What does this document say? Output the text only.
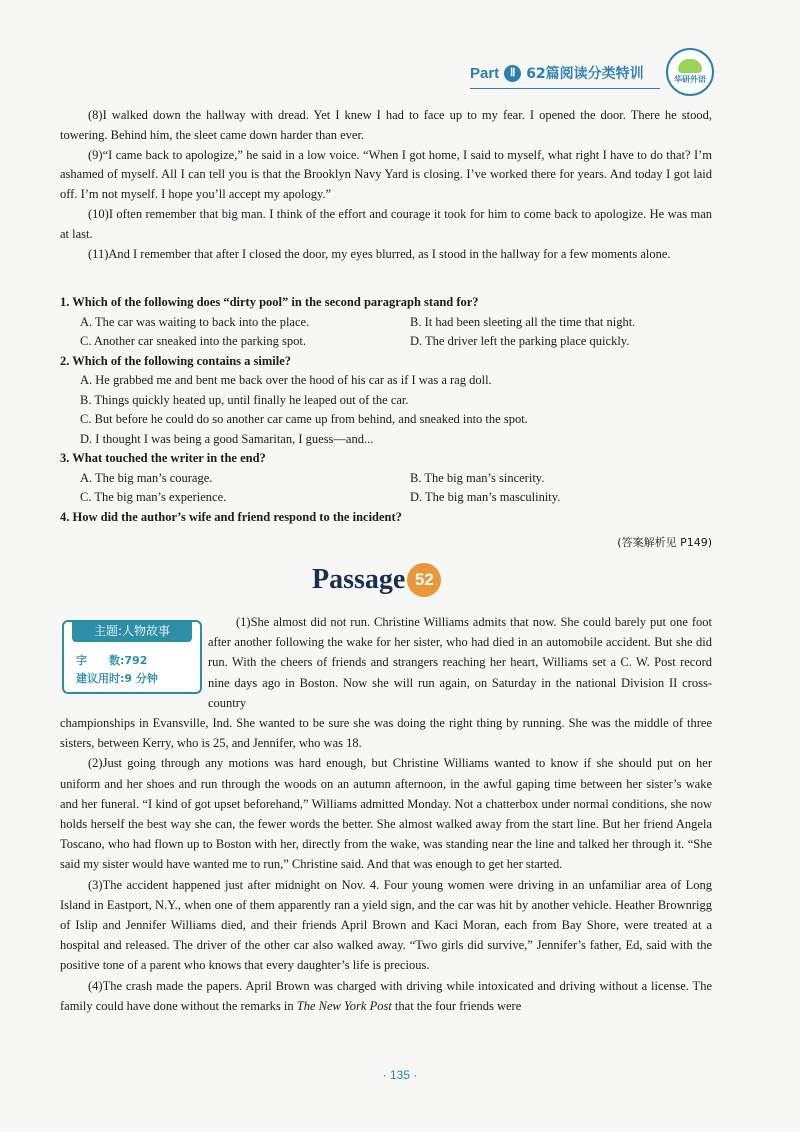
Part Ⅱ 62篇阅读分类特训	华研外语

(8)I walked down the hallway with dread. Yet I knew I had to face up to my fear. I opened the door. There he stood, towering. Behind him, the sleet came down harder than ever.

(9)“I came back to apologize,” he said in a low voice. “When I got home, I said to myself, what right I have to do that? I’m ashamed of myself. All I can tell you is that the Brooklyn Navy Yard is closing. I’ve worked there for years. And today I got laid off. I’m not myself. I hope you’ll accept my apology.”

(10)I often remember that big man. I think of the effort and courage it took for him to come back to apologize. He was man at last.

(11)And I remember that after I closed the door, my eyes blurred, as I stood in the hallway for a few moments alone.

1. Which of the following does “dirty pool” in the second paragraph stand for?
A. The car was waiting to back into the place.	B. It had been sleeting all the time that night.
C. Another car sneaked into the parking spot.	D. The driver left the parking place quickly.
2. Which of the following contains a simile?
A. He grabbed me and bent me back over the hood of his car as if I was a rag doll.
B. Things quickly heated up, until finally he leaped out of the car.
C. But before he could do so another car came up from behind, and sneaked into the spot.
D. I thought I was being a good Samaritan, I guess—and...
3. What touched the writer in the end?
A. The big man’s courage.	B. The big man’s sincerity.
C. The big man’s experience.	D. The big man’s masculinity.
4. How did the author’s wife and friend respond to the incident?
(答案解析见 P149)
Passage 52
主题:人物故事
字　　数:792
建议用时:9 分钟
(1)She almost did not run. Christine Williams admits that now. She could barely put one foot after another following the wake for her sister, who had died in an automobile accident. But she did run. With the cheers of friends and strangers reaching her heart, Williams set a C. W. Post record nine days ago in Boston. Now she will run again, on Saturday in the national Division II cross-country

championships in Evansville, Ind. She wanted to be sure she was doing the right thing by running. She was the middle of three sisters, between Kerry, who is 25, and Jennifer, who was 18.

(2)Just going through any motions was hard enough, but Christine Williams wanted to know if she should put on her uniform and her shoes and run through the woods on an autumn afternoon, in the awful gaping time between her sister’s wake and her funeral. “I kind of got upset beforehand,” Williams admitted Monday. Not a chatterbox under normal conditions, she now holds herself the best way she can, the fewer words the better. She almost walked away from the start line. But her friend Angela Toscano, who had flown up to Boston with her, directly from the wake, was standing near the line and talked her through it. “She said my sister would have wanted me to run,” Christine said. And that was enough to get her started.

(3)The accident happened just after midnight on Nov. 4. Four young women were driving in an unfamiliar area of Long Island in Eastport, N.Y., when one of them apparently ran a yield sign, and the car was hit by another vehicle. Heather Brownrigg of Islip and Jennifer Williams died, and their friends April Brown and Kaci Moran, each from Bay Shore, were treated at a hospital and released. The driver of the other car also walked away. “Two girls did survive,” Jennifer’s father, Ed, said with the positive tone of a parent who knows that every daughter’s life is precious.

(4)The crash made the papers. April Brown was charged with driving while intoxicated and driving without a license. The family could have done without the remarks in The New York Post that the four friends were

· 135 ·
